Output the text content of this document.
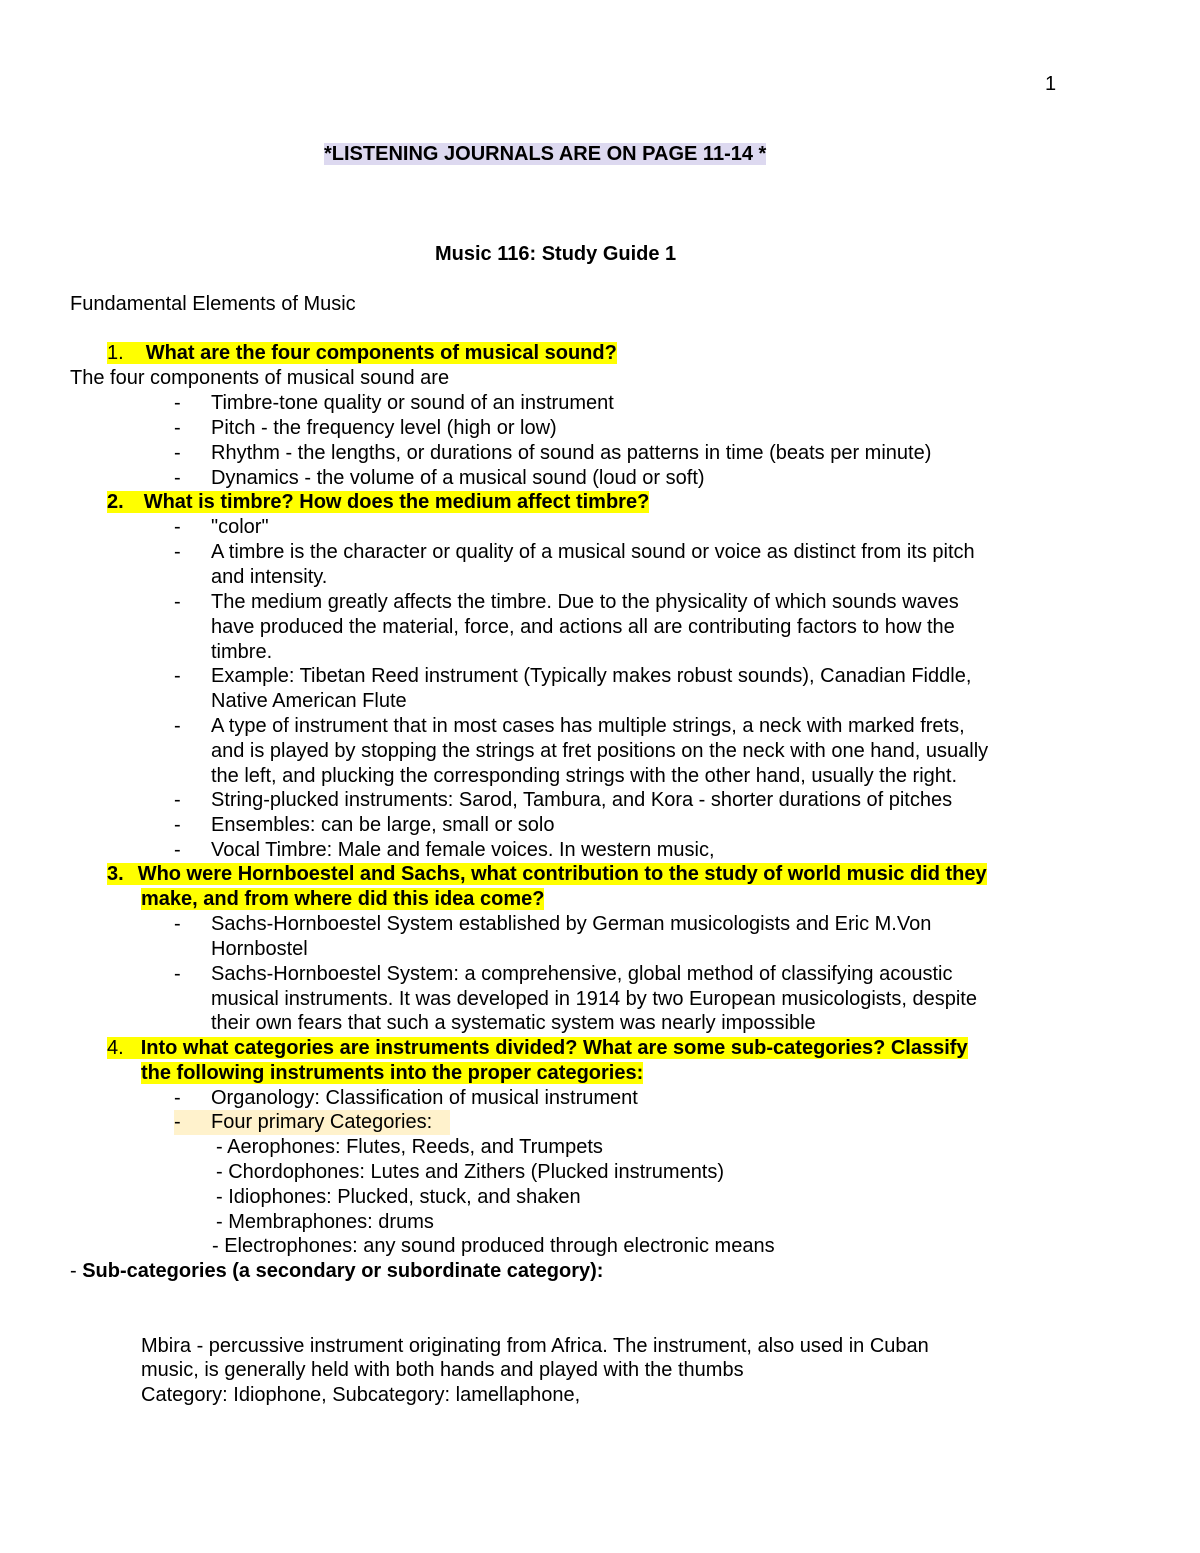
1
*LISTENING JOURNALS ARE ON PAGE 11-14 *
Music 116: Study Guide 1
Fundamental Elements of Music
1. What are the four components of musical sound?
The four components of musical sound are
- Timbre-tone quality or sound of an instrument
- Pitch - the frequency level (high or low)
- Rhythm - the lengths, or durations of sound as patterns in time (beats per minute)
- Dynamics - the volume of a musical sound (loud or soft)
2. What is timbre? How does the medium affect timbre?
- "color"
- A timbre is the character or quality of a musical sound or voice as distinct from its pitch
and intensity.
- The medium greatly affects the timbre. Due to the physicality of which sounds waves
have produced the material, force, and actions all are contributing factors to how the
timbre.
- Example: Tibetan Reed instrument (Typically makes robust sounds), Canadian Fiddle,
Native American Flute
- A type of instrument that in most cases has multiple strings, a neck with marked frets,
and is played by stopping the strings at fret positions on the neck with one hand, usually
the left, and plucking the corresponding strings with the other hand, usually the right.
- String-plucked instruments: Sarod, Tambura, and Kora - shorter durations of pitches
- Ensembles: can be large, small or solo
- Vocal Timbre: Male and female voices. In western music,
3. Who were Hornboestel and Sachs, what contribution to the study of world music did they
make, and from where did this idea come?
- Sachs-Hornboestel System established by German musicologists and Eric M.Von
Hornbostel
- Sachs-Hornboestel System: a comprehensive, global method of classifying acoustic
musical instruments. It was developed in 1914 by two European musicologists, despite
their own fears that such a systematic system was nearly impossible
4. Into what categories are instruments divided? What are some sub-categories? Classify
the following instruments into the proper categories:
- Organology: Classification of musical instrument
- Four primary Categories:
- Aerophones: Flutes, Reeds, and Trumpets
- Chordophones: Lutes and Zithers (Plucked instruments)
- Idiophones: Plucked, stuck, and shaken
- Membraphones: drums
- Electrophones: any sound produced through electronic means
- Sub-categories (a secondary or subordinate category):
Mbira - percussive instrument originating from Africa. The instrument, also used in Cuban
music, is generally held with both hands and played with the thumbs
Category: Idiophone, Subcategory: lamellaphone,
